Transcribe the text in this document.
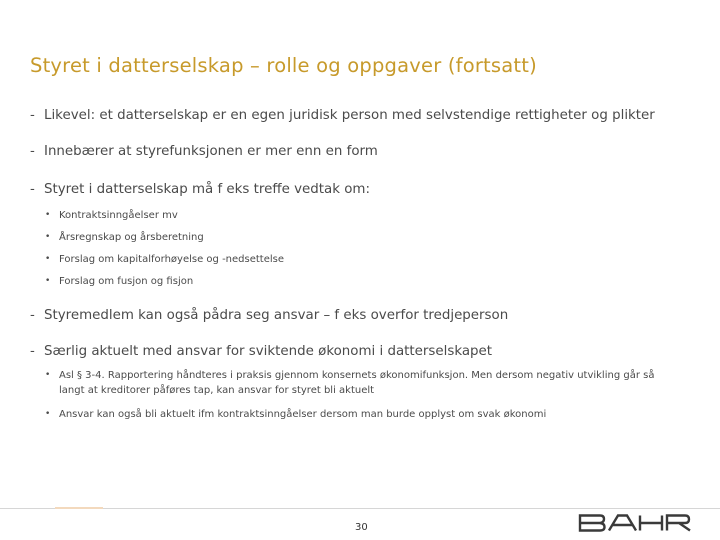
Styret i datterselskap – rolle og oppgaver (fortsatt)
- Likevel: et datterselskap er en egen juridisk person med selvstendige rettigheter og plikter
- Innebærer at styrefunksjonen er mer enn en form
- Styret i datterselskap må f eks treffe vedtak om:
• Kontraktsinngåelser mv
• Årsregnskap og årsberetning
• Forslag om kapitalforhøyelse og -nedsettelse
• Forslag om fusjon og fisjon
- Styremedlem kan også pådra seg ansvar – f eks overfor tredjeperson
- Særlig aktuelt med ansvar for sviktende økonomi i datterselskapet
• Asl § 3-4. Rapportering håndteres i praksis gjennom konsernets økonomifunksjon. Men dersom negativ utvikling går så langt at kreditorer påføres tap, kan ansvar for styret bli aktuelt
• Ansvar kan også bli aktuelt ifm kontraktsinngåelser dersom man burde opplyst om svak økonomi
30
